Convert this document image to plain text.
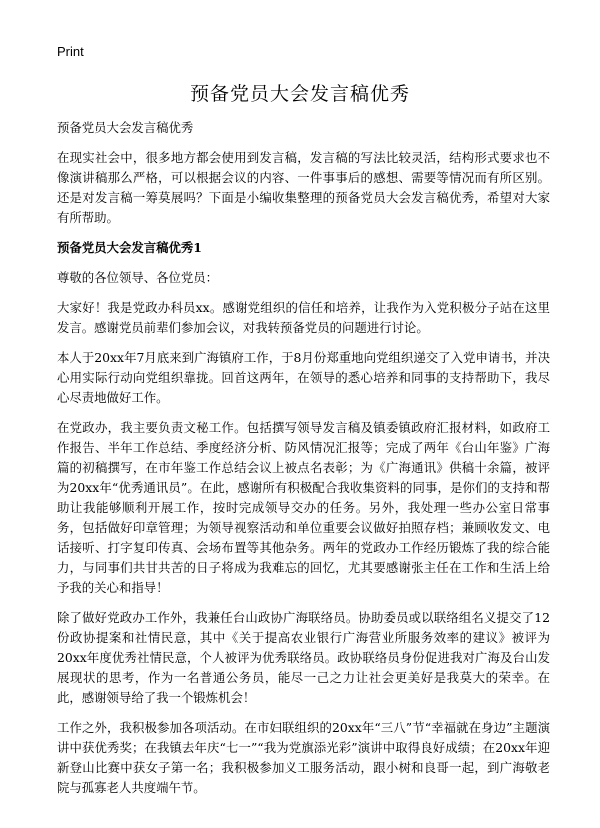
Print
预备党员大会发言稿优秀

预备党员大会发言稿优秀

在现实社会中，很多地方都会使用到发言稿，发言稿的写法比较灵活，结构形式要求也不像演讲稿那么严格，可以根据会议的内容、一件事事后的感想、需要等情况而有所区别。还是对发言稿一筹莫展吗？下面是小编收集整理的预备党员大会发言稿优秀，希望对大家有所帮助。

预备党员大会发言稿优秀1

尊敬的各位领导、各位党员：

大家好！我是党政办科员xx。感谢党组织的信任和培养，让我作为入党积极分子站在这里发言。感谢党员前辈们参加会议，对我转预备党员的问题进行讨论。

本人于20xx年7月底来到广海镇府工作，于8月份郑重地向党组织递交了入党申请书，并决心用实际行动向党组织靠拢。回首这两年，在领导的悉心培养和同事的支持帮助下，我尽心尽责地做好工作。

在党政办，我主要负责文秘工作。包括撰写领导发言稿及镇委镇政府汇报材料，如政府工作报告、半年工作总结、季度经济分析、防风情况汇报等；完成了两年《台山年鉴》广海篇的初稿撰写，在市年鉴工作总结会议上被点名表彰；为《广海通讯》供稿十余篇，被评为20xx年“优秀通讯员”。在此，感谢所有积极配合我收集资料的同事，是你们的支持和帮助让我能够顺利开展工作，按时完成领导交办的任务。另外，我处理一些办公室日常事务，包括做好印章管理；为领导视察活动和单位重要会议做好拍照存档；兼顾收发文、电话接听、打字复印传真、会场布置等其他杂务。两年的党政办工作经历锻炼了我的综合能力，与同事们共甘共苦的日子将成为我难忘的回忆，尤其要感谢张主任在工作和生活上给予我的关心和指导！

除了做好党政办工作外，我兼任台山政协广海联络员。协助委员或以联络组名义提交了12份政协提案和社情民意，其中《关于提高农业银行广海营业所服务效率的建议》被评为20xx年度优秀社情民意，个人被评为优秀联络员。政协联络员身份促进我对广海及台山发展现状的思考，作为一名普通公务员，能尽一己之力让社会更美好是我莫大的荣幸。在此，感谢领导给了我一个锻炼机会！

工作之外，我积极参加各项活动。在市妇联组织的20xx年“三八”节“幸福就在身边”主题演讲中获优秀奖；在我镇去年庆“七一”“我为党旗添光彩”演讲中取得良好成绩；在20xx年迎新登山比赛中获女子第一名；我积极参加义工服务活动，跟小树和良哥一起，到广海敬老院与孤寡老人共度端午节。
